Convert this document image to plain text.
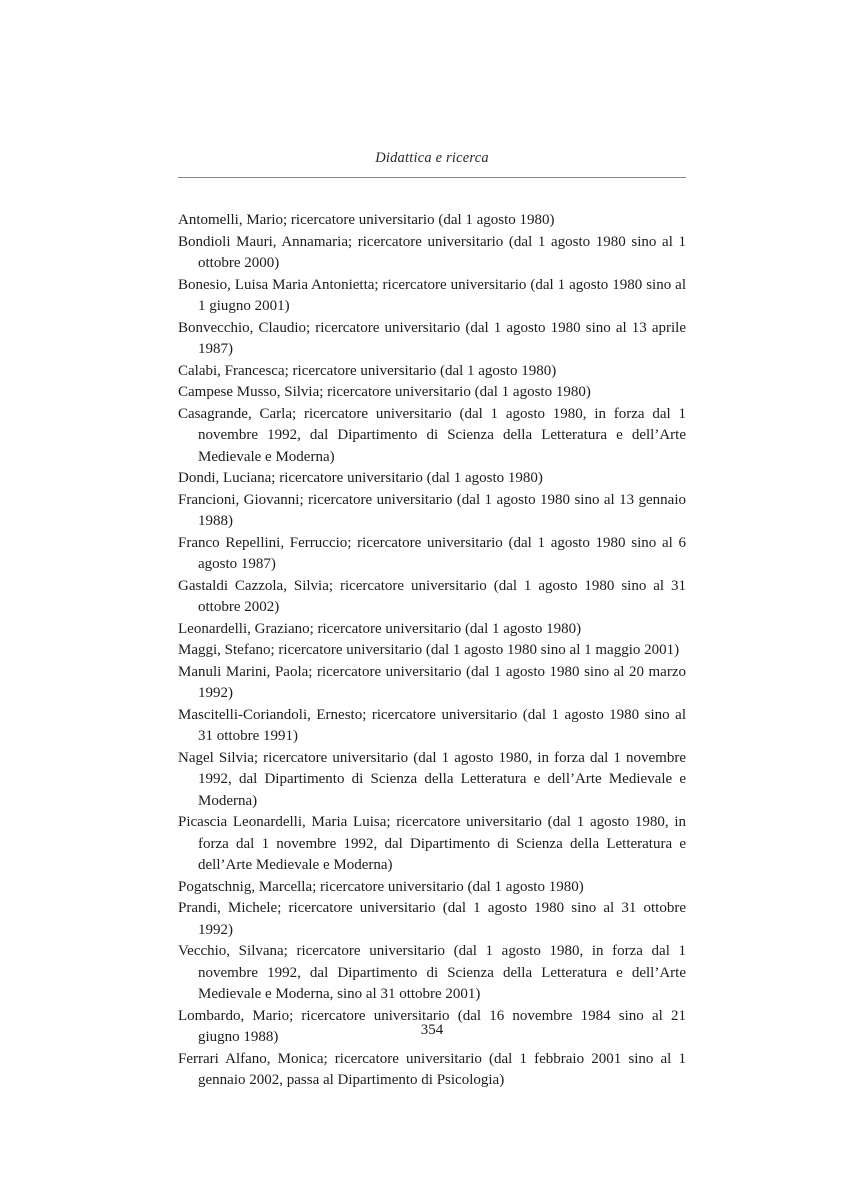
Didattica e ricerca

Antomelli, Mario; ricercatore universitario (dal 1 agosto 1980)

Bondioli Mauri, Annamaria; ricercatore universitario (dal 1 agosto 1980 sino al 1 ottobre 2000)

Bonesio, Luisa Maria Antonietta; ricercatore universitario (dal 1 agosto 1980 sino al 1 giugno 2001)

Bonvecchio, Claudio; ricercatore universitario (dal 1 agosto 1980 sino al 13 aprile 1987)

Calabi, Francesca; ricercatore universitario (dal 1 agosto 1980)

Campese Musso, Silvia; ricercatore universitario (dal 1 agosto 1980)

Casagrande, Carla; ricercatore universitario (dal 1 agosto 1980, in forza dal 1 novembre 1992, dal Dipartimento di Scienza della Letteratura e dell’Arte Medievale e Moderna)

Dondi, Luciana; ricercatore universitario (dal 1 agosto 1980)

Francioni, Giovanni; ricercatore universitario (dal 1 agosto 1980 sino al 13 gennaio 1988)

Franco Repellini, Ferruccio; ricercatore universitario (dal 1 agosto 1980 sino al 6 agosto 1987)

Gastaldi Cazzola, Silvia; ricercatore universitario (dal 1 agosto 1980 sino al 31 ottobre 2002)

Leonardelli, Graziano; ricercatore universitario (dal 1 agosto 1980)

Maggi, Stefano; ricercatore universitario (dal 1 agosto 1980 sino al 1 maggio 2001)

Manuli Marini, Paola; ricercatore universitario (dal 1 agosto 1980 sino al 20 marzo 1992)

Mascitelli-Coriandoli, Ernesto; ricercatore universitario (dal 1 agosto 1980 sino al 31 ottobre 1991)

Nagel Silvia; ricercatore universitario (dal 1 agosto 1980, in forza dal 1 novembre 1992, dal Dipartimento di Scienza della Letteratura e dell’Arte Medievale e Moderna)

Picascia Leonardelli, Maria Luisa; ricercatore universitario (dal 1 agosto 1980, in forza dal 1 novembre 1992, dal Dipartimento di Scienza della Letteratura e dell’Arte Medievale e Moderna)

Pogatschnig, Marcella; ricercatore universitario (dal 1 agosto 1980)

Prandi, Michele; ricercatore universitario (dal 1 agosto 1980 sino al 31 ottobre 1992)

Vecchio, Silvana; ricercatore universitario (dal 1 agosto 1980, in forza dal 1 novembre 1992, dal Dipartimento di Scienza della Letteratura e dell’Arte Medievale e Moderna, sino al 31 ottobre 2001)

Lombardo, Mario; ricercatore universitario (dal 16 novembre 1984 sino al 21 giugno 1988)

Ferrari Alfano, Monica; ricercatore universitario (dal 1 febbraio 2001 sino al 1 gennaio 2002, passa al Dipartimento di Psicologia)

354
